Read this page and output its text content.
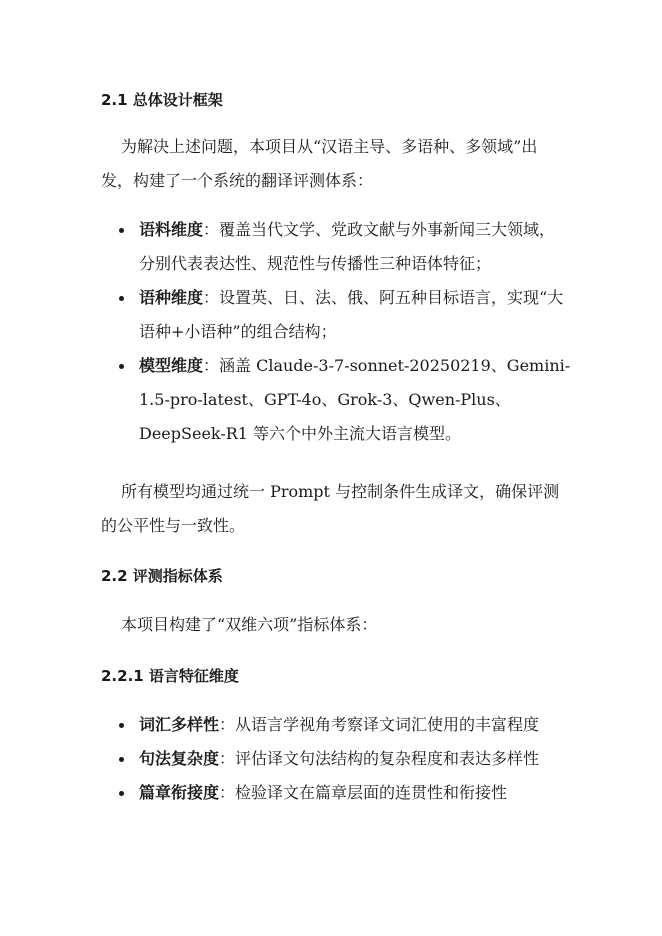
2.1 总体设计框架

为解决上述问题，本项目从“汉语主导、多语种、多领域”出发，构建了一个系统的翻译评测体系：

语料维度：覆盖当代文学、党政文献与外事新闻三大领域，分别代表表达性、规范性与传播性三种语体特征；
语种维度：设置英、日、法、俄、阿五种目标语言，实现“大语种+小语种”的组合结构；
模型维度：涵盖 Claude-3-7-sonnet-20250219、Gemini-1.5-pro-latest、GPT-4o、Grok-3、Qwen-Plus、DeepSeek-R1 等六个中外主流大语言模型。

所有模型均通过统一 Prompt 与控制条件生成译文，确保评测的公平性与一致性。

2.2 评测指标体系

本项目构建了“双维六项”指标体系：

2.2.1 语言特征维度
词汇多样性：从语言学视角考察译文词汇使用的丰富程度
句法复杂度：评估译文句法结构的复杂程度和表达多样性
篇章衔接度：检验译文在篇章层面的连贯性和衔接性
